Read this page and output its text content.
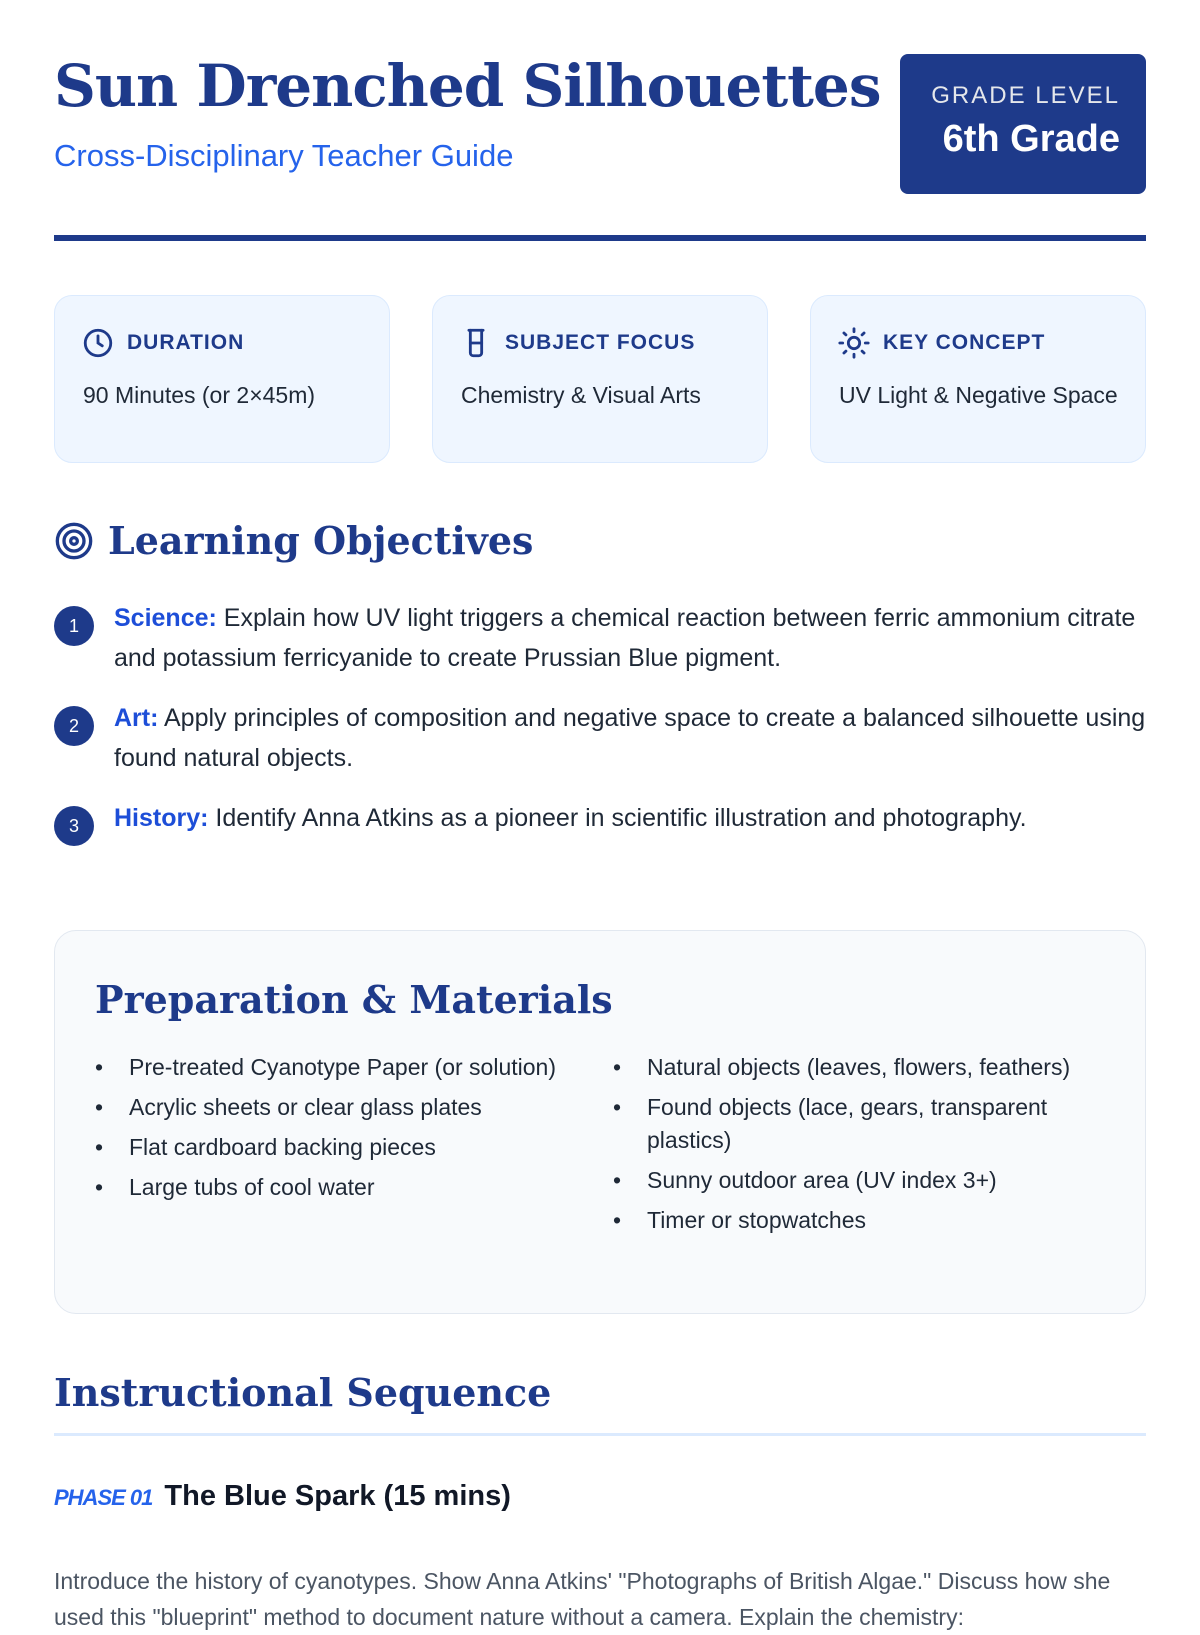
Sun Drenched Silhouettes

Cross-Disciplinary Teacher Guide

GRADE LEVEL
6th Grade
DURATION
90 Minutes (or 2×45m)
SUBJECT FOCUS
Chemistry & Visual Arts
KEY CONCEPT
UV Light & Negative Space
Learning Objectives
1	Science: Explain how UV light triggers a chemical reaction between ferric ammonium citrate and potassium ferricyanide to create Prussian Blue pigment.
2	Art: Apply principles of composition and negative space to create a balanced silhouette using found natural objects.
3	History: Identify Anna Atkins as a pioneer in scientific illustration and photography.
Preparation & Materials
• Pre-treated Cyanotype Paper (or solution)
• Acrylic sheets or clear glass plates
• Flat cardboard backing pieces
• Large tubs of cool water
• Natural objects (leaves, flowers, feathers)
• Found objects (lace, gears, transparent plastics)
• Sunny outdoor area (UV index 3+)
• Timer or stopwatches
Instructional Sequence
PHASE 01 The Blue Spark (15 mins)

Introduce the history of cyanotypes. Show Anna Atkins' "Photographs of British Algae." Discuss how she used this "blueprint" method to document nature without a camera. Explain the chemistry:
